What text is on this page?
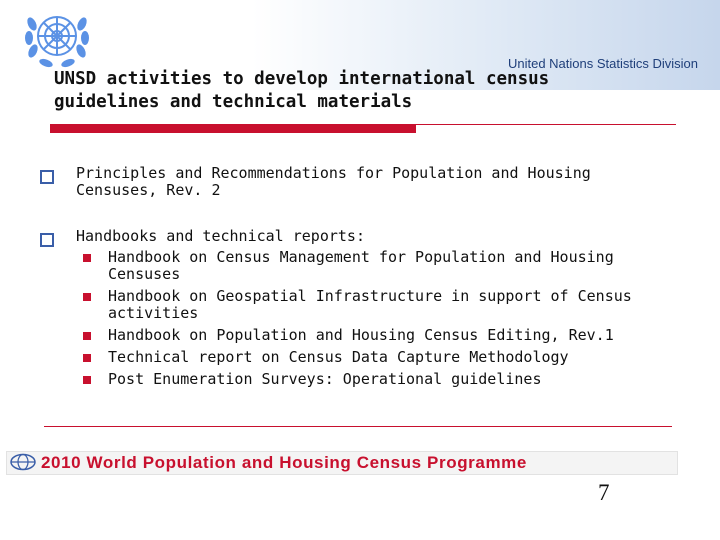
United Nations Statistics Division
UNSD activities to develop international census
guidelines and technical materials
Principles and Recommendations for Population and Housing
Censuses, Rev. 2
Handbooks and technical reports:
Handbook on Census Management for Population and Housing
Censuses
Handbook on Geospatial Infrastructure in support of Census
activities
Handbook on Population and Housing Census Editing, Rev.1
Technical report on Census Data Capture Methodology
Post Enumeration Surveys: Operational guidelines
2010 World Population and Housing Census Programme
7
